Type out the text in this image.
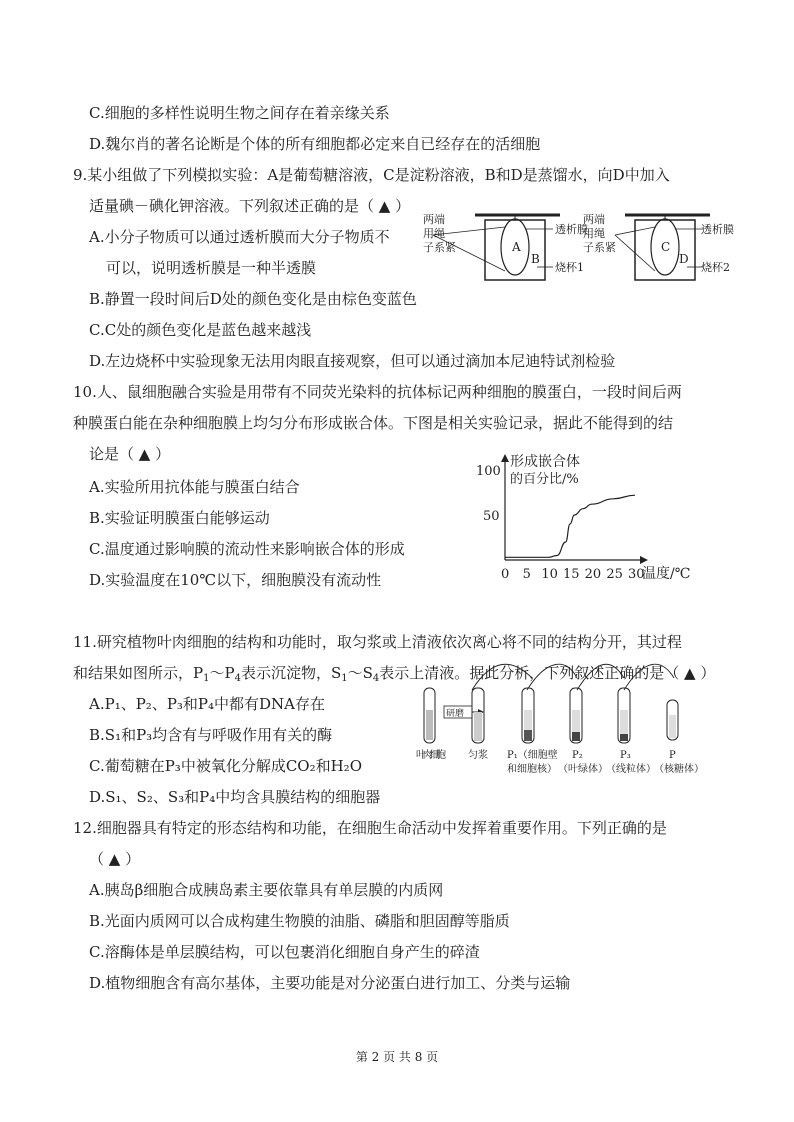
C.细胞的多样性说明生物之间存在着亲缘关系
D.魏尔肖的著名论断是个体的所有细胞都必定来自已经存在的活细胞
9.某小组做了下列模拟实验：A是葡萄糖溶液，C是淀粉溶液，B和D是蒸馏水，向D中加入
适量碘－碘化钾溶液。下列叙述正确的是（ ▲ ）
A.小分子物质可以通过透析膜而大分子物质不
可以，说明透析膜是一种半透膜
B.静置一段时间后D处的颜色变化是由棕色变蓝色
C.C处的颜色变化是蓝色越来越浅
D.左边烧杯中实验现象无法用肉眼直接观察，但可以通过滴加本尼迪特试剂检验
A
B
透析膜
烧杯1
两端用绳子系紧	C
D
透析膜
烧杯2
两端用绳子系紧
10.人、鼠细胞融合实验是用带有不同荧光染料的抗体标记两种细胞的膜蛋白，一段时间后两
种膜蛋白能在杂种细胞膜上均匀分布形成嵌合体。下图是相关实验记录，据此不能得到的结
论是（ ▲ ）
A.实验所用抗体能与膜蛋白结合
B.实验证明膜蛋白能够运动
C.温度通过影响膜的流动性来影响嵌合体的形成
D.实验温度在10℃以下，细胞膜没有流动性
形成嵌合体的百分比/%
温度/℃
0 5 10 15 20 25 30
50
100
11.研究植物叶肉细胞的结构和功能时，取匀浆或上清液依次离心将不同的结构分开，其过程
和结果如图所示，$P_1\sim P_4$表示沉淀物，$S_1\sim S_4$表示上清液。据此分析，下列叙述正确的是（ ▲ ）
A.P₁、P₂、P₃和P₄中都有DNA存在
B.S₁和P₃均含有与呼吸作用有关的酶
C.葡萄糖在P₃中被氧化分解成CO₂和H₂O
D.S₁、S₂、S₃和P₄中均含具膜结构的细胞器
研磨
叶肉细胞 匀浆 P₁（细胞壁
和细胞核）
P₂
（叶绿体）
P₃
（线粒体）
P
（核糖体）
12.细胞器具有特定的形态结构和功能，在细胞生命活动中发挥着重要作用。下列正确的是
（ ▲ ）
A.胰岛β细胞合成胰岛素主要依靠具有单层膜的内质网
B.光面内质网可以合成构建生物膜的油脂、磷脂和胆固醇等脂质
C.溶酶体是单层膜结构，可以包裹消化细胞自身产生的碎渣
D.植物细胞含有高尔基体，主要功能是对分泌蛋白进行加工、分类与运输
第 2 页 共 8 页
